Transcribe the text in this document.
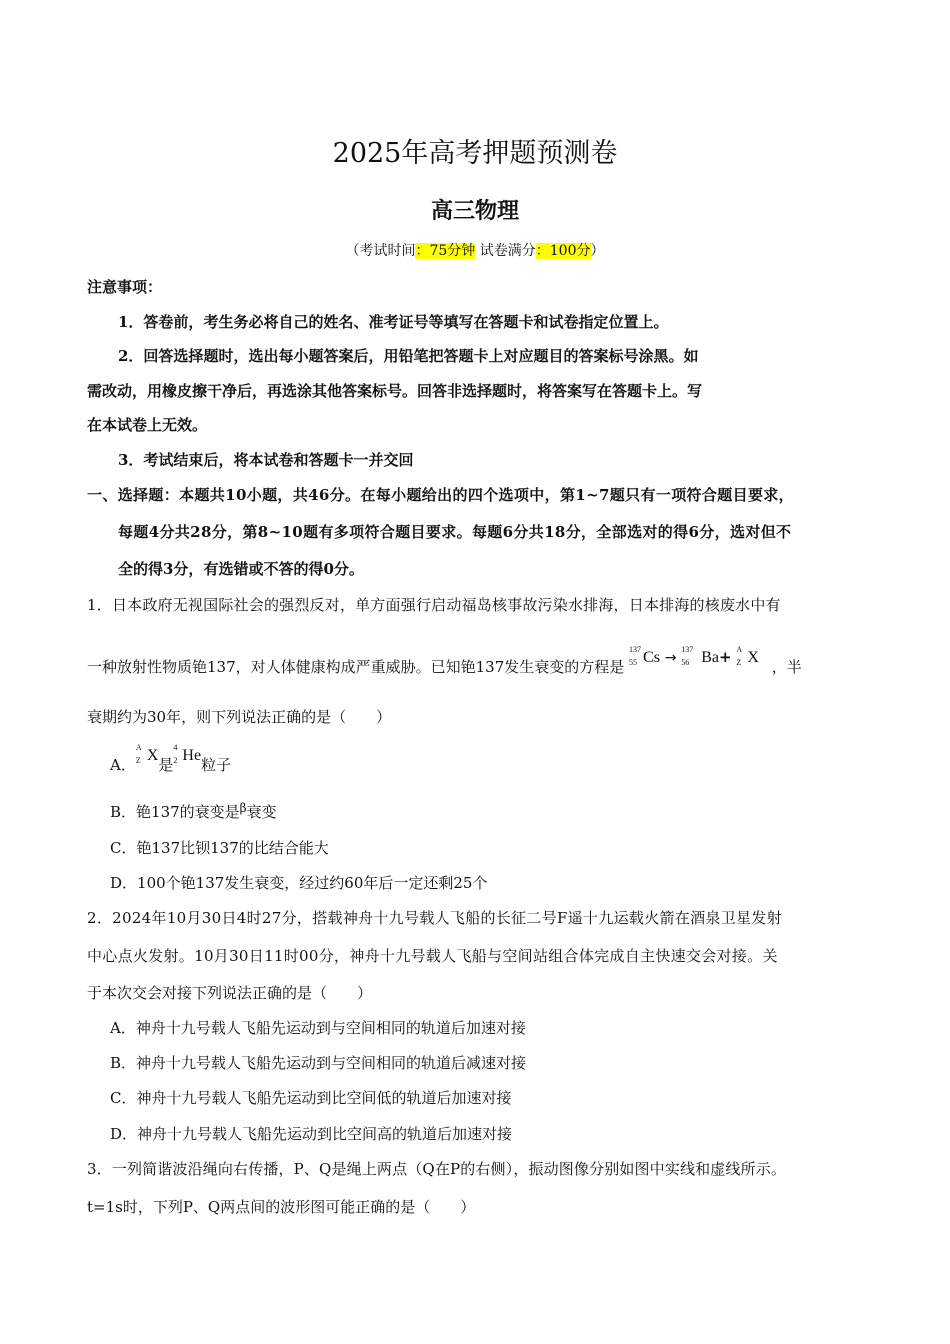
2025年高考押题预测卷
高三物理
（考试时间：75分钟 试卷满分：100分）
注意事项：
1．答卷前，考生务必将自己的姓名、准考证号等填写在答题卡和试卷指定位置上。
2．回答选择题时，选出每小题答案后，用铅笔把答题卡上对应题目的答案标号涂黑。如
需改动，用橡皮擦干净后，再选涂其他答案标号。回答非选择题时，将答案写在答题卡上。写
在本试卷上无效。
3．考试结束后，将本试卷和答题卡一并交回
一、选择题：本题共10小题，共46分。在每小题给出的四个选项中，第1~7题只有一项符合题目要求，
每题4分共28分，第8~10题有多项符合题目要求。每题6分共18分，全部选对的得6分，选对但不
全的得3分，有选错或不答的得0分。
1．日本政府无视国际社会的强烈反对，单方面强行启动福岛核事故污染水排海，日本排海的核废水中有
一种放射性物质铯137，对人体健康构成严重威胁。已知铯137发生衰变的方程是
137
55 Cs →
137
56 Ba+ A
Z X ，半
衰期约为30年，则下列说法正确的是（　　）
A．
A
Z X是
4
2 He粒子
B．铯137的衰变是$^\beta$衰变
C．铯137比钡137的比结合能大
D．100个铯137发生衰变，经过约60年后一定还剩25个
2．2024年10月30日4时27分，搭载神舟十九号载人飞船的长征二号F遥十九运载火箭在酒泉卫星发射
中心点火发射。10月30日11时00分，神舟十九号载人飞船与空间站组合体完成自主快速交会对接。关
于本次交会对接下列说法正确的是（　　）
A．神舟十九号载人飞船先运动到与空间相同的轨道后加速对接
B．神舟十九号载人飞船先运动到与空间相同的轨道后减速对接
C．神舟十九号载人飞船先运动到比空间低的轨道后加速对接
D．神舟十九号载人飞船先运动到比空间高的轨道后加速对接
3．一列简谐波沿绳向右传播，P、Q是绳上两点（Q在P的右侧），振动图像分别如图中实线和虚线所示。
t=1s时，下列P、Q两点间的波形图可能正确的是（　　）
